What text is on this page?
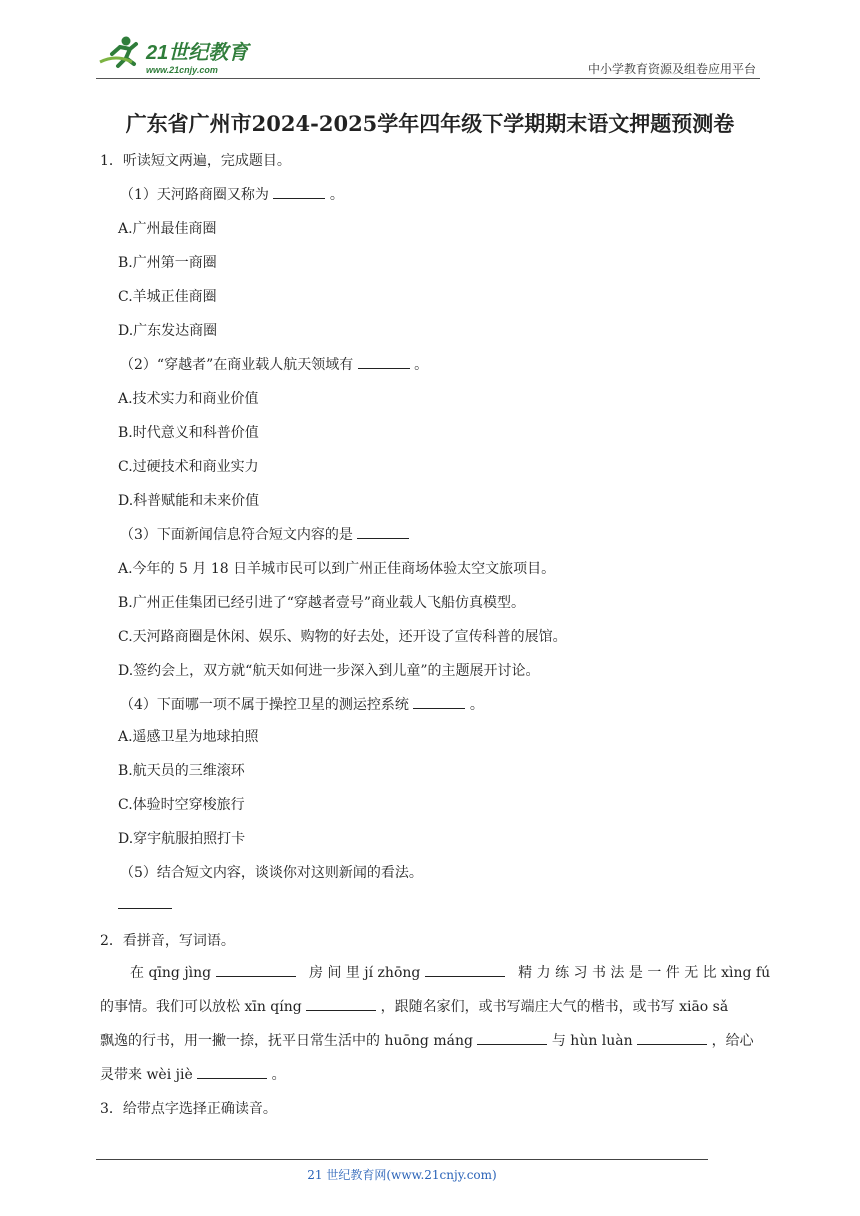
21世纪教育
www.21cnjy.com	中小学教育资源及组卷应用平台
广东省广州市2024-2025学年四年级下学期期末语文押题预测卷
1．听读短文两遍，完成题目。
（1）天河路商圈又称为	。
A.广州最佳商圈
B.广州第一商圈
C.羊城正佳商圈
D.广东发达商圈
（2）“穿越者”在商业载人航天领域有	。
A.技术实力和商业价值
B.时代意义和科普价值
C.过硬技术和商业实力
D.科普赋能和未来价值
（3）下面新闻信息符合短文内容的是
A.今年的 5 月 18 日羊城市民可以到广州正佳商场体验太空文旅项目。
B.广州正佳集团已经引进了“穿越者壹号”商业载人飞船仿真模型。
C.天河路商圈是休闲、娱乐、购物的好去处，还开设了宣传科普的展馆。
D.签约会上，双方就“航天如何进一步深入到儿童”的主题展开讨论。
（4）下面哪一项不属于操控卫星的测运控系统	。
A.遥感卫星为地球拍照
B.航天员的三维滚环
C.体验时空穿梭旅行
D.穿宇航服拍照打卡
（5）结合短文内容，谈谈你对这则新闻的看法。
2．看拼音，写词语。
在 qīng jìng	房 间 里 jí zhōng	精 力 练 习 书 法 是 一 件 无 比 xìng fú
的事情。我们可以放松 xīn qíng	，跟随名家们，或书写端庄大气的楷书，或书写 xiāo sǎ
飘逸的行书，用一撇一捺，抚平日常生活中的 huōng máng	与 hùn luàn	，给心
灵带来 wèi jiè	。
3．给带点字选择正确读音。
21 世纪教育网(www.21cnjy.com)
